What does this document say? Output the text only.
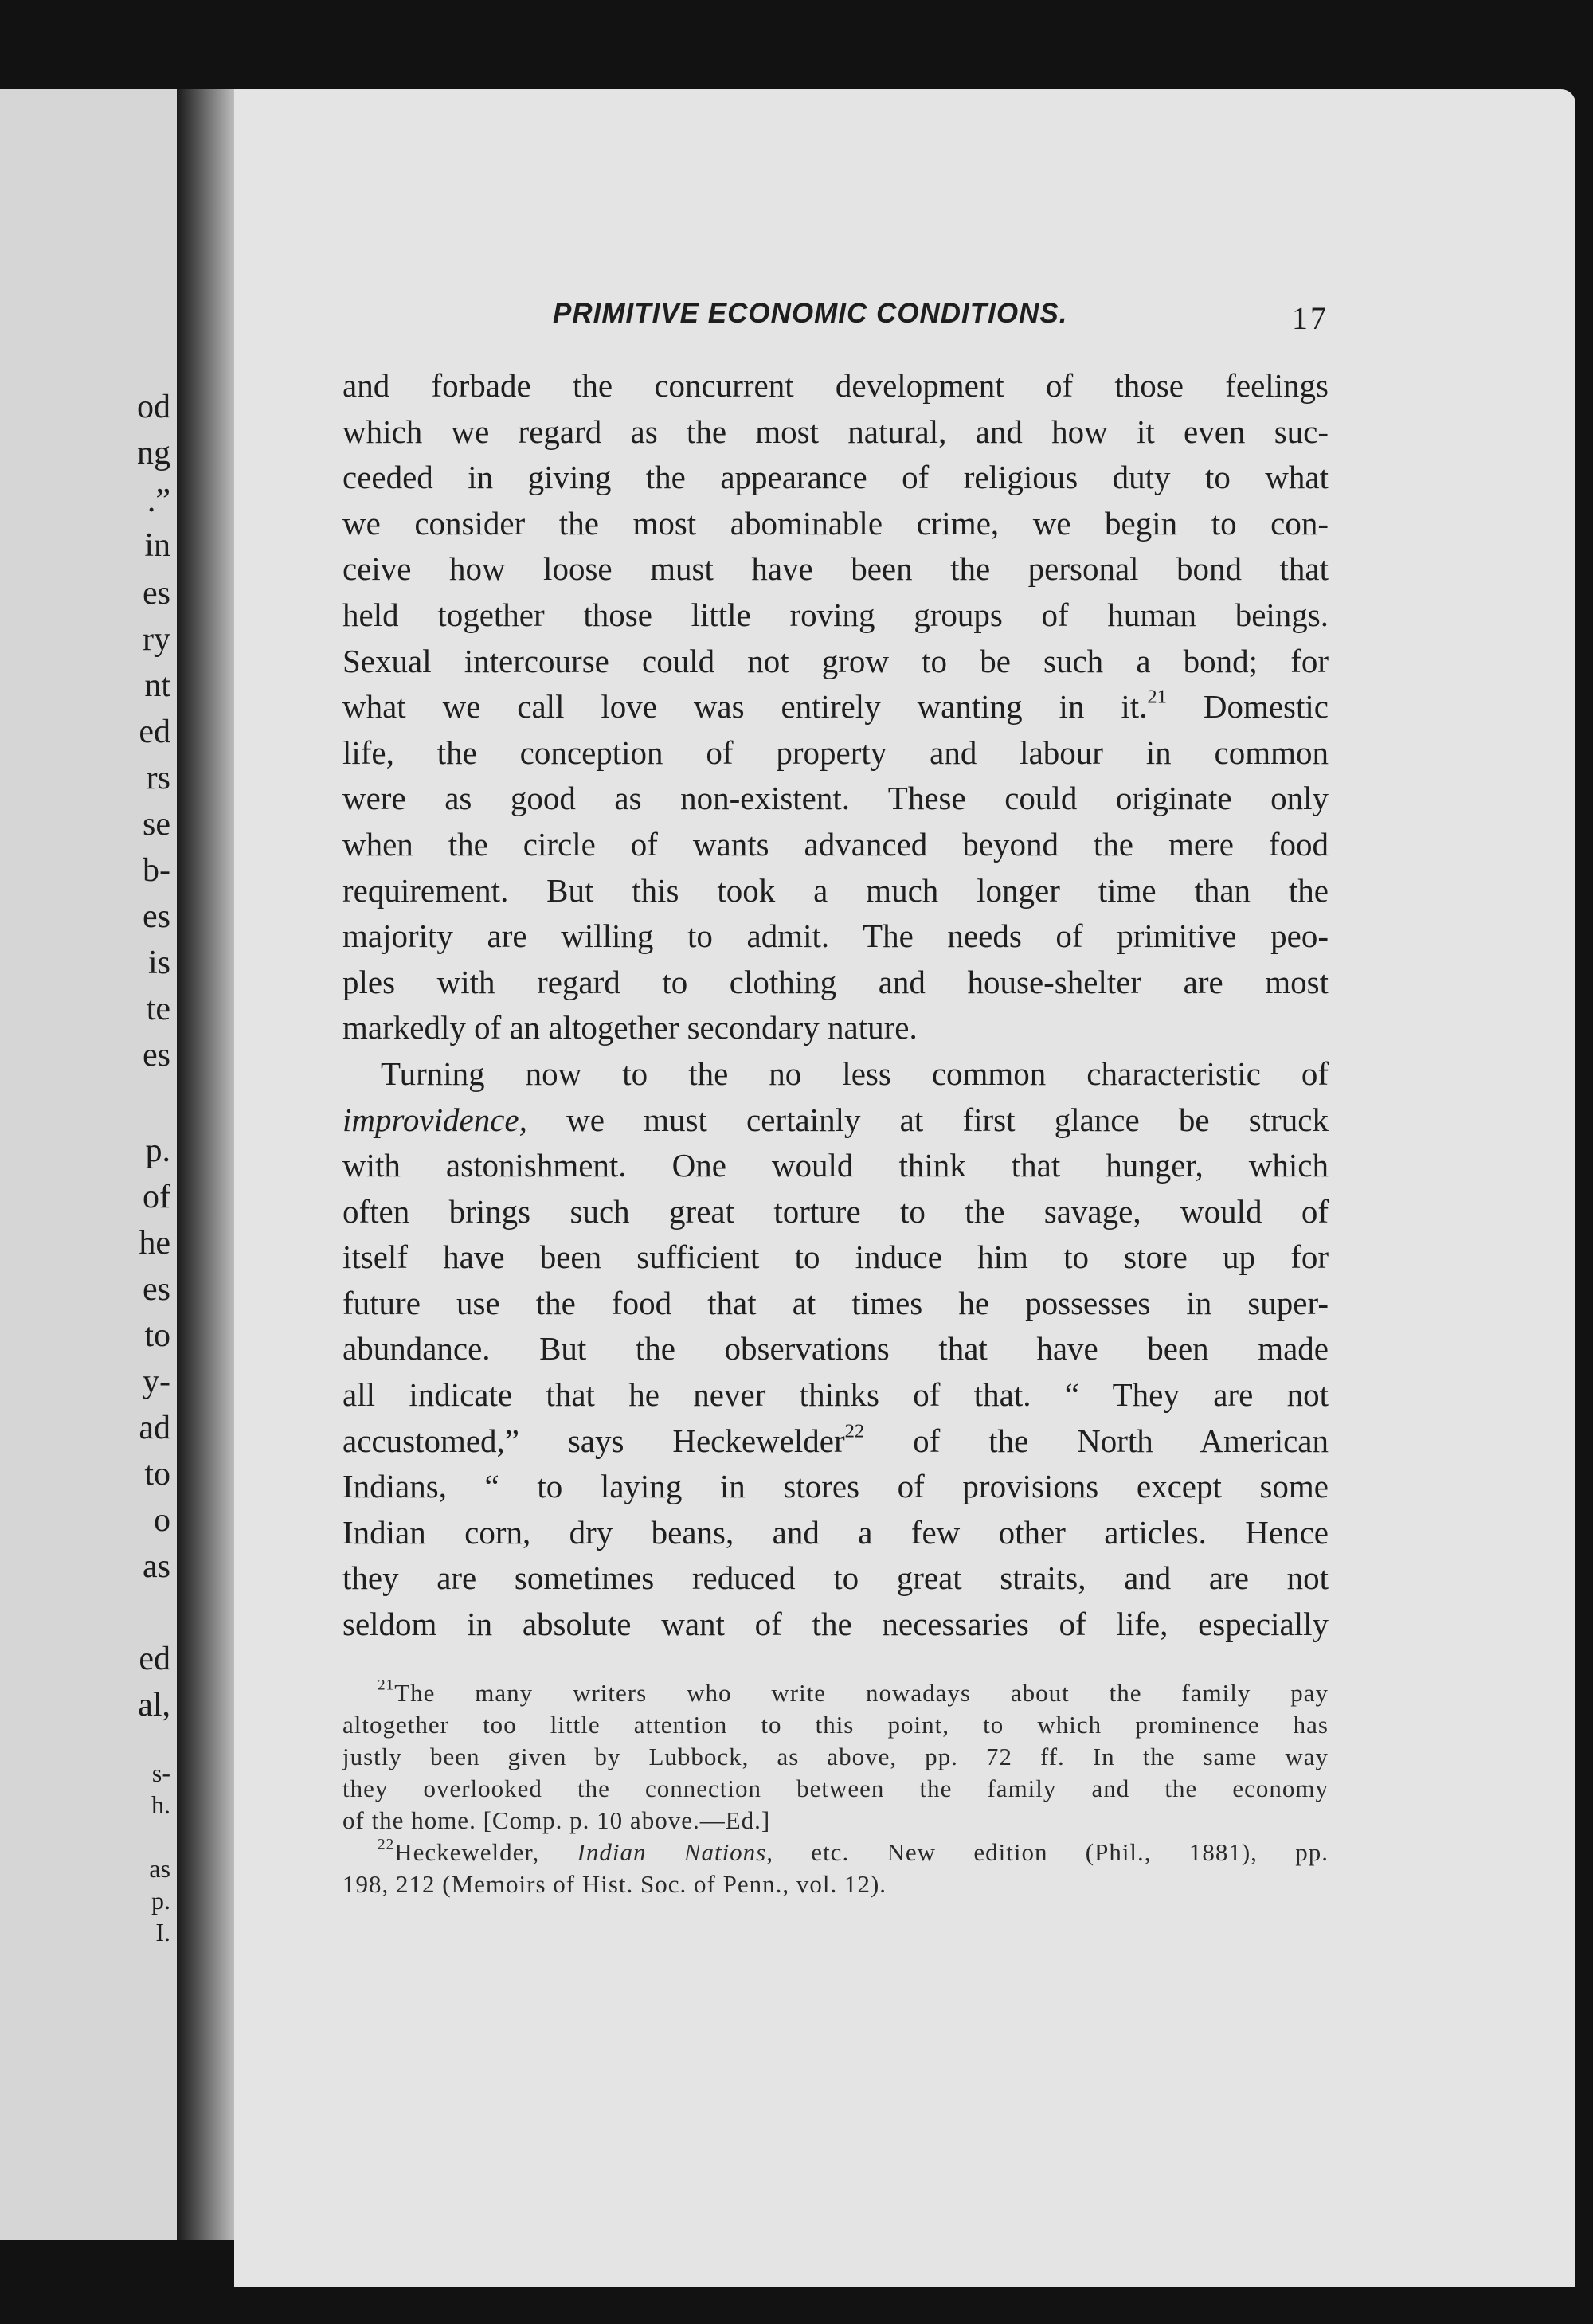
od
ng
.”
in
es
ry
nt
ed
rs
se
b-
es
is
te
es
p.
of
he
es
to
y-
ad
to
o
as
ed
al,
s-
h.
as
p.
I.
PRIMITIVE ECONOMIC CONDITIONS.	17
and forbade the concurrent development of those feelings
which we regard as the most natural, and how it even suc-
ceeded in giving the appearance of religious duty to what
we consider the most abominable crime, we begin to con-
ceive how loose must have been the personal bond that
held together those little roving groups of human beings.
Sexual intercourse could not grow to be such a bond; for
what we call love was entirely wanting in it.$^{21}$ Domestic
life, the conception of property and labour in common
were as good as non-existent. These could originate only
when the circle of wants advanced beyond the mere food
requirement. But this took a much longer time than the
majority are willing to admit. The needs of primitive peo-
ples with regard to clothing and house-shelter are most
markedly of an altogether secondary nature.
Turning now to the no less common characteristic of
improvidence, we must certainly at first glance be struck
with astonishment. One would think that hunger, which
often brings such great torture to the savage, would of
itself have been sufficient to induce him to store up for
future use the food that at times he possesses in super-
abundance. But the observations that have been made
all indicate that he never thinks of that. “ They are not
accustomed,” says Heckewelder$^{22}$ of the North American
Indians, “ to laying in stores of provisions except some
Indian corn, dry beans, and a few other articles. Hence
they are sometimes reduced to great straits, and are not
seldom in absolute want of the necessaries of life, especially
$^{21}$The many writers who write nowadays about the family pay
altogether too little attention to this point, to which prominence has
justly been given by Lubbock, as above, pp. 72 ff. In the same way
they overlooked the connection between the family and the economy
of the home. [Comp. p. 10 above.—Ed.]
$^{22}$Heckewelder, Indian Nations, etc. New edition (Phil., 1881), pp.
198, 212 (Memoirs of Hist. Soc. of Penn., vol. 12).
